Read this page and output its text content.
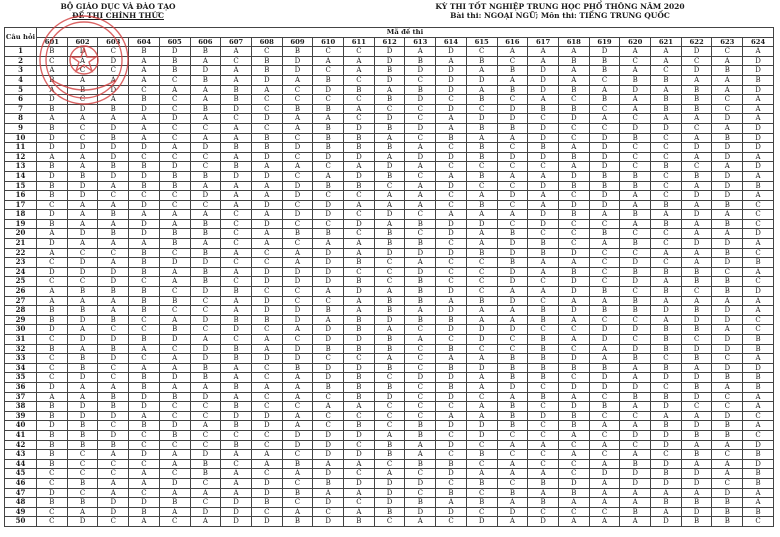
BỘ GIÁO DỤC VÀ ĐÀO TẠO
ĐỀ THI CHÍNH THỨC
KỲ THI TỐT NGHIỆP TRUNG HỌC PHỔ THÔNG NĂM 2020
Bài thi: NGOẠI NGỮ; Môn thi: TIẾNG TRUNG QUỐC
Câu hỏi	Mã đề thi																							
	601	602	603	604	605	606	607	608	609	610	611	612	613	614	615	616	617	618	619	620	621	622	623	624
1	B	D	C	B	D	B	A	C	B	C	C	D	A	D	C	A	A	A	D	A	A	D	C	A
2	C	A	D	A	B	A	C	B	D	A	A	D	B	A	B	C	A	B	B	C	A	C	A	D
3	A	C	C	A	B	D	A	B	D	C	A	B	D	D	A	B	D	A	B	A	C	D	B	D
4	B	A	A	A	C	B	A	D	A	B	C	D	C	D	D	A	D	A	C	B	B	A	A	B
5	A	B	D	C	A	A	B	A	C	D	B	A	B	D	A	B	D	B	A	D	A	B	A	D
6	D	C	A	B	C	A	B	C	C	C	C	B	D	C	B	C	A	C	B	A	B	B	C	A
7	B	D	B	D	C	B	D	C	B	B	A	C	C	D	C	D	B	B	C	A	B	B	C	A
8	A	A	A	A	D	A	C	D	A	A	C	D	C	A	D	D	C	D	A	C	A	A	D	A
9	B	C	D	A	C	C	A	C	A	B	D	B	D	A	B	B	D	C	C	D	D	C	A	D
10	D	C	B	A	C	A	A	B	C	B	B	A	C	B	A	A	D	C	D	B	C	A	B	D
11	D	D	D	D	A	D	B	B	D	B	B	B	A	C	B	C	B	A	D	C	C	D	D	D
12	A	A	D	C	C	C	A	D	C	D	D	A	D	D	B	D	D	B	D	C	C	A	D	A
13	B	A	B	B	D	C	B	A	A	C	A	D	A	C	C	C	C	A	D	C	B	C	A	D
14	D	B	D	D	B	B	D	D	C	A	D	B	C	A	B	A	A	D	B	B	C	B	D	A
15	B	D	A	B	B	A	A	A	D	B	B	C	A	D	C	C	D	B	B	B	C	A	D	B
16	B	D	C	C	C	D	A	A	D	C	C	A	A	C	A	D	A	C	D	A	C	D	D	A
17	C	A	A	D	C	C	A	D	C	D	A	A	A	C	B	C	A	D	D	A	B	A	B	C
18	D	A	B	A	A	A	C	A	D	D	C	D	C	A	A	A	D	B	A	B	A	D	A	C
19	B	A	A	D	A	B	C	D	C	C	D	A	B	D	D	C	D	C	C	A	B	A	B	C
20	A	D	B	D	B	B	C	A	B	B	C	B	C	D	A	B	C	C	B	C	C	A	A	D
21	D	A	A	A	B	A	C	A	C	A	A	B	B	C	A	D	B	C	A	B	C	D	D	A
22	A	C	C	B	C	B	A	C	A	D	A	D	D	D	B	D	B	D	C	C	A	A	B	C
23	C	D	A	B	D	D	C	C	A	D	B	C	A	C	C	B	A	A	C	D	C	A	D	B
24	D	D	D	B	A	B	A	D	D	D	C	C	D	C	C	D	A	B	C	B	B	B	C	A
25	C	C	D	C	A	B	C	D	D	D	B	C	B	C	C	D	C	D	C	D	A	B	B	C
26	A	B	B	B	C	D	B	C	C	A	D	A	B	D	C	A	A	D	B	C	B	C	B	D
27	A	A	A	B	B	C	A	D	C	C	A	B	B	A	B	D	C	A	A	B	A	A	A	A
28	B	B	A	B	C	C	A	D	D	B	A	B	A	D	A	A	B	D	B	B	D	B	D	A
29	B	D	B	C	A	D	B	B	D	A	B	D	B	B	A	A	B	A	C	C	A	D	D	C
30	D	A	C	C	B	C	D	C	A	D	B	A	C	D	D	D	C	C	D	D	B	B	A	C
31	C	D	D	B	D	A	C	A	C	D	D	B	A	C	D	C	B	A	D	C	B	C	D	B
32	B	A	B	A	C	D	B	A	D	B	B	B	C	B	C	C	B	C	A	D	B	D	D	B
33	C	B	D	C	A	D	B	D	D	C	C	A	C	A	A	B	B	D	A	B	C	B	C	A
34	C	B	C	A	A	B	A	C	B	D	D	B	C	B	D	B	B	B	B	A	B	A	D	D
35	C	D	C	B	D	B	A	C	A	D	B	C	D	D	A	B	B	C	D	A	D	D	B	B
36	D	A	A	B	A	A	B	A	A	B	B	B	C	B	A	D	C	D	D	D	C	B	A	B
37	A	A	B	D	B	D	A	C	A	C	B	D	C	D	C	A	B	A	C	B	B	D	C	A
38	B	D	B	D	C	C	B	C	C	A	A	C	C	C	A	B	C	D	B	A	D	C	C	A
39	B	D	D	A	C	C	D	D	A	C	C	C	C	A	A	B	D	B	C	C	A	A	D	C
40	D	B	C	B	D	A	B	D	A	C	B	C	B	D	D	B	C	B	A	A	B	D	B	A
41	B	B	D	C	B	C	C	C	D	D	D	A	B	C	D	C	C	A	C	D	D	B	B	C
42	B	B	B	C	C	C	B	C	D	D	C	B	A	D	C	A	A	C	A	C	D	A	A	D
43	B	C	A	D	A	D	A	A	C	D	D	B	A	C	B	C	C	A	C	A	C	B	C	B
44	B	C	C	C	A	B	C	A	B	A	A	C	B	B	C	A	C	C	A	B	D	A	A	D
45	C	C	C	A	C	B	A	C	A	D	C	A	C	D	A	A	A	C	D	D	B	D	A	B
46	C	B	A	A	D	C	A	D	C	B	D	D	D	C	B	C	B	D	A	D	D	D	C	B
47	D	C	A	C	A	A	A	D	B	A	A	D	C	B	C	B	A	B	A	A	A	A	D	A
48	B	B	D	D	B	C	D	B	C	D	C	D	B	A	B	A	B	A	A	A	B	B	B	A
49	C	A	D	B	A	D	D	C	A	C	A	B	D	D	C	D	C	C	C	B	A	D	B	B
50	C	D	C	A	C	A	D	D	B	D	B	C	A	C	D	A	D	A	A	A	D	B	B	C
